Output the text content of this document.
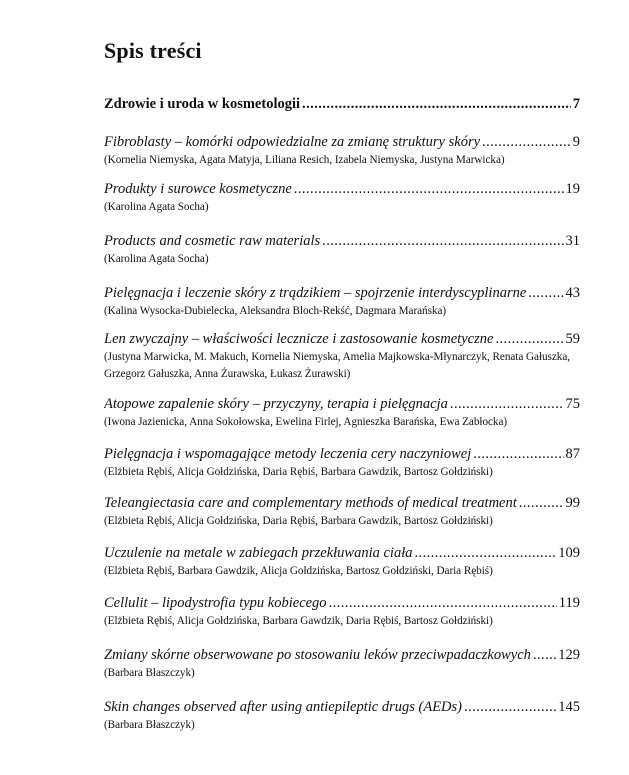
Spis treści
Zdrowie i uroda w kosmetologii . . .	7
Fibroblasty – komórki odpowiedzialne za zmianę struktury skóry . . .	9
(Kornelia Niemyska, Agata Matyja, Liliana Resich, Izabela Niemyska, Justyna Marwicka)
Produkty i surowce kosmetyczne . . .	19
(Karolina Agata Socha)
Products and cosmetic raw materials . . .	31
(Karolina Agata Socha)
Pielęgnacja i leczenie skóry z trądzikiem – spojrzenie interdyscyplinarne . . .	43
(Kalina Wysocka-Dubielecka, Aleksandra Bloch-Rekść, Dagmara Marańska)
Len zwyczajny – właściwości lecznicze i zastosowanie kosmetyczne . . .	59
(Justyna Marwicka, M. Makuch, Kornelia Niemyska, Amelia Majkowska-Młynarczyk, Renata Gałuszka, Grzegorz Gałuszka, Anna Żurawska, Łukasz Żurawski)
Atopowe zapalenie skóry – przyczyny, terapia i pielęgnacja . . .	75
(Iwona Jazienicka, Anna Sokołowska, Ewelina Firlej, Agnieszka Barańska, Ewa Zabłocka)
Pielęgnacja i wspomagające metody leczenia cery naczyniowej . . .	87
(Elżbieta Rębiś, Alicja Gołdzińska, Daria Rębiś, Barbara Gawdzik, Bartosz Gołdziński)
Teleangiectasia care and complementary methods of medical treatment . . .	99
(Elżbieta Rębiś, Alicja Gołdzińska, Daria Rębiś, Barbara Gawdzik, Bartosz Gołdziński)
Uczulenie na metale w zabiegach przekłuwania ciała . . .	109
(Elżbieta Rębiś, Barbara Gawdzik, Alicja Gołdzińska, Bartosz Gołdziński, Daria Rębiś)
Cellulit – lipodystrofia typu kobiecego . . .	119
(Elżbieta Rębiś, Alicja Gołdzińska, Barbara Gawdzik, Daria Rębiś, Bartosz Gołdziński)
Zmiany skórne obserwowane po stosowaniu leków przeciwpadaczkowych . . . 129
(Barbara Błaszczyk)
Skin changes observed after using antiepileptic drugs (AEDs) . . .	145
(Barbara Błaszczyk)
